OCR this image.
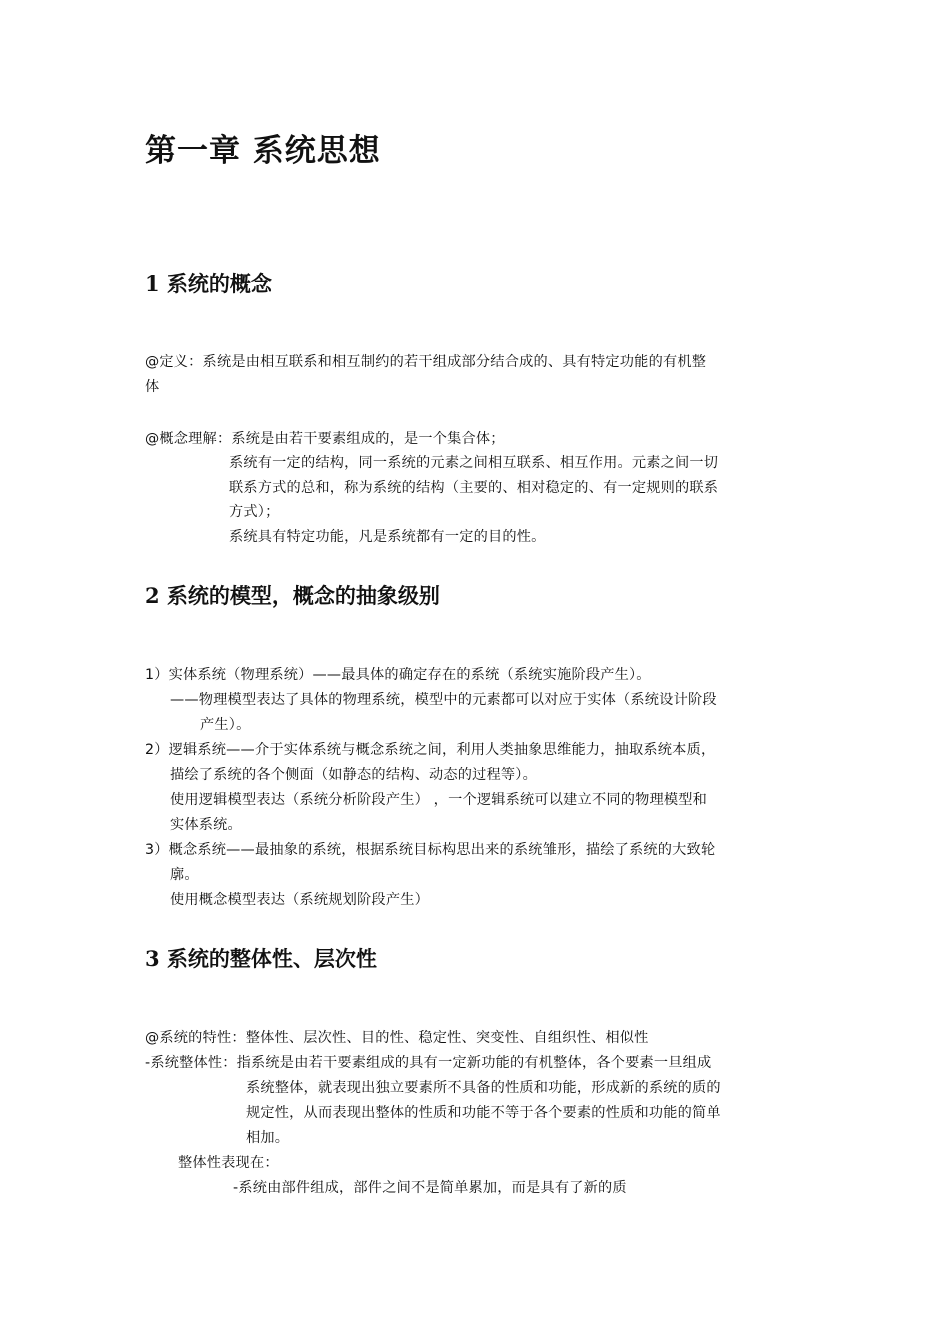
第一章 系统思想
1 系统的概念
@定义：系统是由相互联系和相互制约的若干组成部分结合成的、具有特定功能的有机整
体
@概念理解：系统是由若干要素组成的，是一个集合体；
系统有一定的结构，同一系统的元素之间相互联系、相互作用。元素之间一切
联系方式的总和，称为系统的结构（主要的、相对稳定的、有一定规则的联系
方式）；
系统具有特定功能，凡是系统都有一定的目的性。
2 系统的模型，概念的抽象级别
1）实体系统（物理系统）——最具体的确定存在的系统（系统实施阶段产生）。
——物理模型表达了具体的物理系统，模型中的元素都可以对应于实体（系统设计阶段
产生）。
2）逻辑系统——介于实体系统与概念系统之间，利用人类抽象思维能力，抽取系统本质，
描绘了系统的各个侧面（如静态的结构、动态的过程等）。
使用逻辑模型表达（系统分析阶段产生） ，一个逻辑系统可以建立不同的物理模型和
实体系统。
3）概念系统——最抽象的系统，根据系统目标构思出来的系统雏形，描绘了系统的大致轮
廓。
使用概念模型表达（系统规划阶段产生）
3 系统的整体性、层次性
@系统的特性：整体性、层次性、目的性、稳定性、突变性、自组织性、相似性
-系统整体性：指系统是由若干要素组成的具有一定新功能的有机整体，各个要素一旦组成
系统整体，就表现出独立要素所不具备的性质和功能，形成新的系统的质的
规定性，从而表现出整体的性质和功能不等于各个要素的性质和功能的简单
相加。
整体性表现在：
-系统由部件组成，部件之间不是简单累加，而是具有了新的质
